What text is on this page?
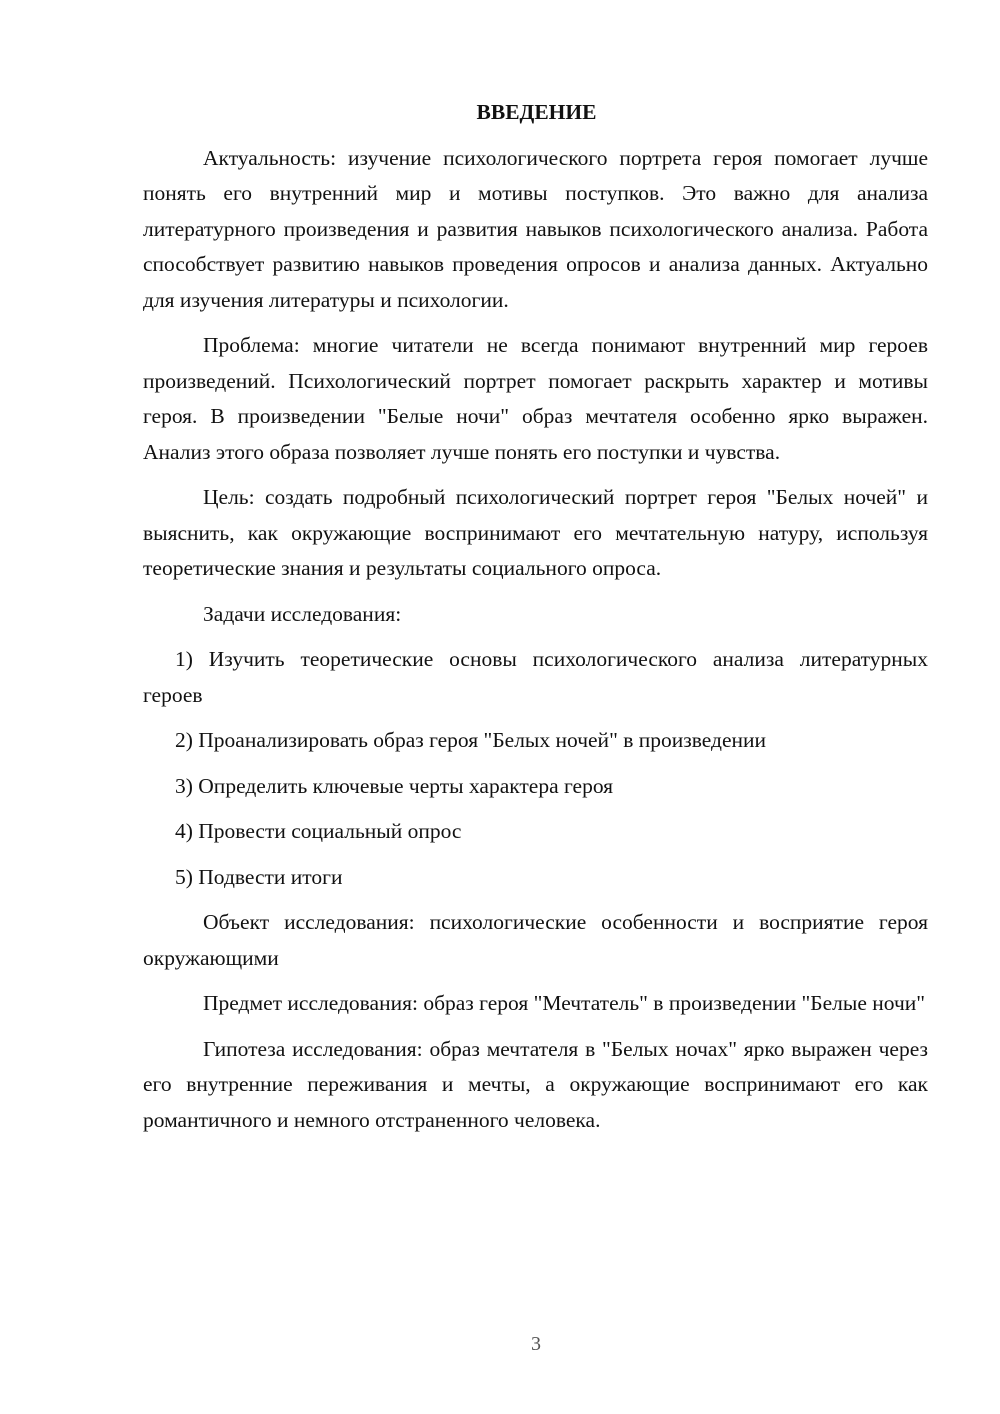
ВВЕДЕНИЕ

Актуальность: изучение психологического портрета героя помогает лучше понять его внутренний мир и мотивы поступков. Это важно для анализа литературного произведения и развития навыков психологического анализа. Работа способствует развитию навыков проведения опросов и анализа данных. Актуально для изучения литературы и психологии.

Проблема: многие читатели не всегда понимают внутренний мир героев произведений. Психологический портрет помогает раскрыть характер и мотивы героя. В произведении "Белые ночи" образ мечтателя особенно ярко выражен. Анализ этого образа позволяет лучше понять его поступки и чувства.

Цель: создать подробный психологический портрет героя "Белых ночей" и выяснить, как окружающие воспринимают его мечтательную натуру, используя теоретические знания и результаты социального опроса.

Задачи исследования:

1) Изучить теоретические основы психологического анализа литературных героев

2) Проанализировать образ героя "Белых ночей" в произведении

3) Определить ключевые черты характера героя

4) Провести социальный опрос

5) Подвести итоги

Объект исследования: психологические особенности и восприятие героя окружающими

Предмет исследования: образ героя "Мечтатель" в произведении "Белые ночи"

Гипотеза исследования: образ мечтателя в "Белых ночах" ярко выражен через его внутренние переживания и мечты, а окружающие воспринимают его как романтичного и немного отстраненного человека.

3
